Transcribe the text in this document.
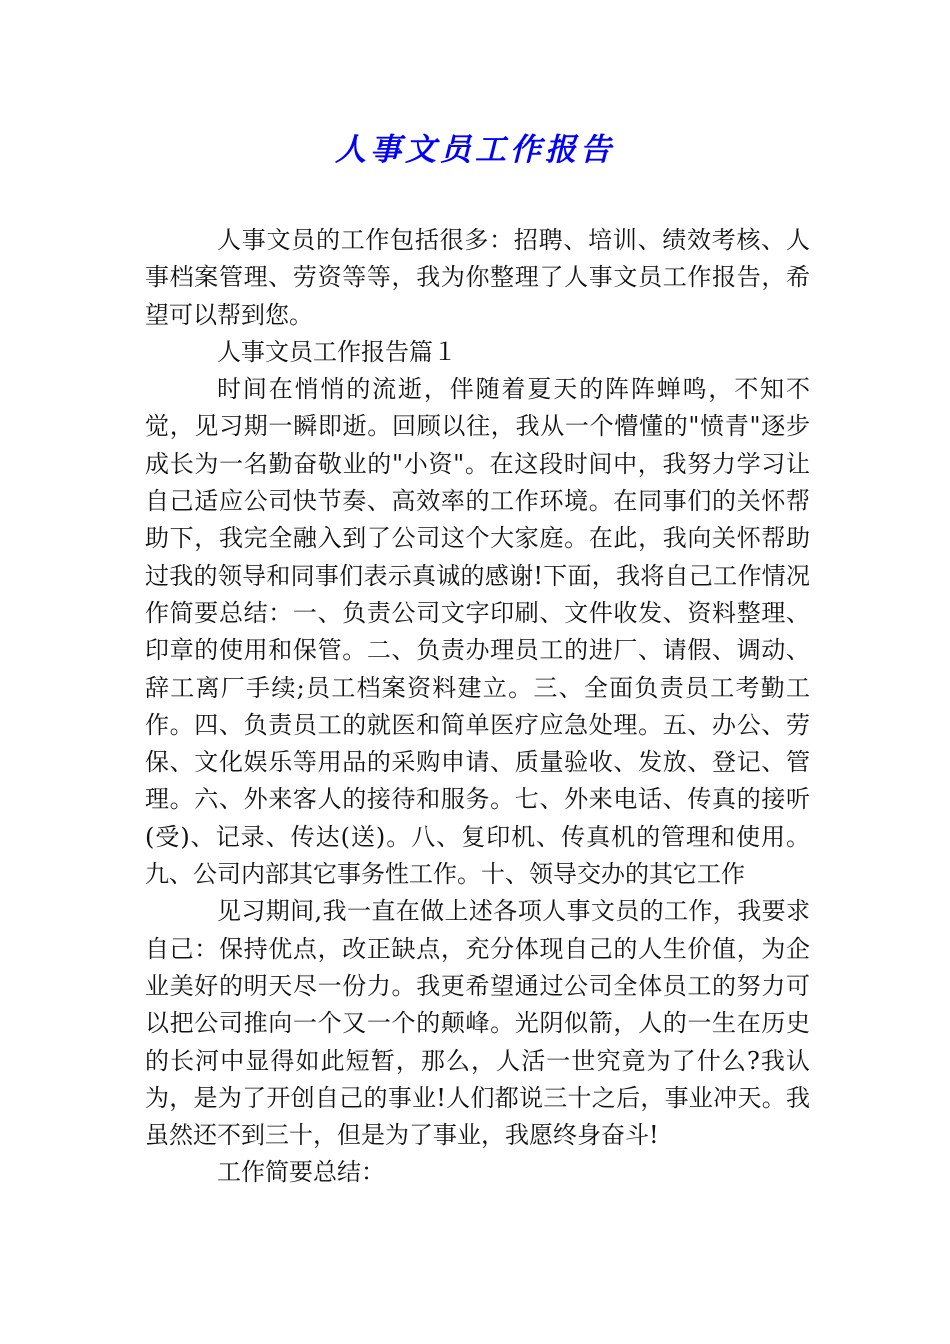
人事文员工作报告

人事文员的工作包括很多：招聘、培训、绩效考核、人事档案管理、劳资等等，我为你整理了人事文员工作报告，希望可以帮到您。

人事文员工作报告篇１

时间在悄悄的流逝，伴随着夏天的阵阵蝉鸣，不知不觉，见习期一瞬即逝。回顾以往，我从一个懵懂的"愤青"逐步成长为一名勤奋敬业的"小资"。在这段时间中，我努力学习让自己适应公司快节奏、高效率的工作环境。在同事们的关怀帮助下，我完全融入到了公司这个大家庭。在此，我向关怀帮助过我的领导和同事们表示真诚的感谢!下面，我将自己工作情况作简要总结：一、负责公司文字印刷、文件收发、资料整理、印章的使用和保管。二、负责办理员工的进厂、请假、调动、辞工离厂手续;员工档案资料建立。三、全面负责员工考勤工作。四、负责员工的就医和简单医疗应急处理。五、办公、劳保、文化娱乐等用品的采购申请、质量验收、发放、登记、管理。六、外来客人的接待和服务。七、外来电话、传真的接听(受)、记录、传达(送)。八、复印机、传真机的管理和使用。九、公司内部其它事务性工作。十、领导交办的其它工作

见习期间,我一直在做上述各项人事文员的工作，我要求自己：保持优点，改正缺点，充分体现自己的人生价值，为企业美好的明天尽一份力。我更希望通过公司全体员工的努力可以把公司推向一个又一个的颠峰。光阴似箭，人的一生在历史的长河中显得如此短暂，那么，人活一世究竟为了什么?我认为，是为了开创自己的事业!人们都说三十之后，事业冲天。我虽然还不到三十，但是为了事业，我愿终身奋斗!

工作简要总结：
